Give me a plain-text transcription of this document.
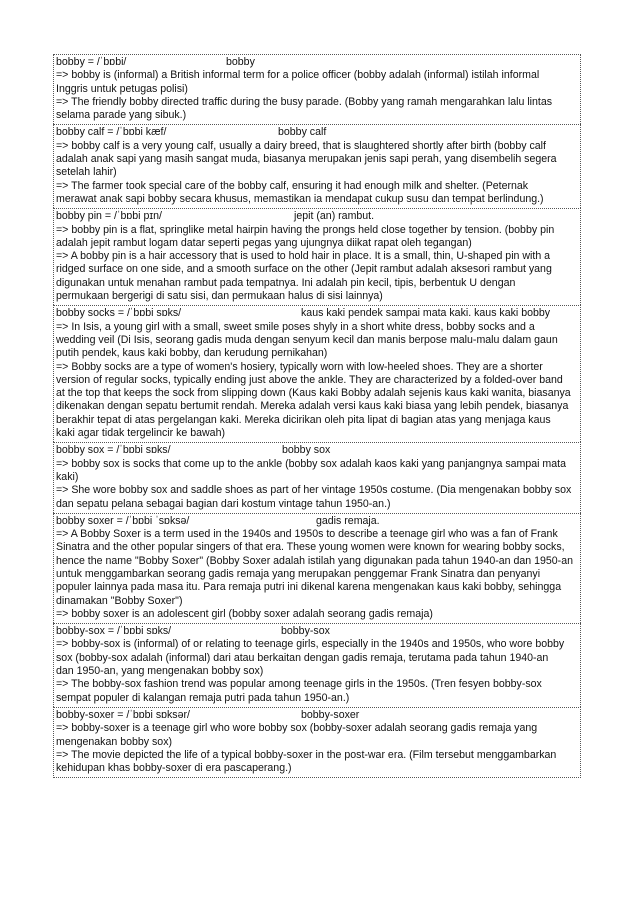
bobby = /ˈbɒbi/	bobby
=> bobby is (informal) a British informal term for a police officer (bobby adalah (informal) istilah informal
Inggris untuk petugas polisi)
=> The friendly bobby directed traffic during the busy parade. (Bobby yang ramah mengarahkan lalu lintas
selama parade yang sibuk.)
bobby calf = /ˈbɒbi kæf/	bobby calf
=> bobby calf is a very young calf, usually a dairy breed, that is slaughtered shortly after birth (bobby calf
adalah anak sapi yang masih sangat muda, biasanya merupakan jenis sapi perah, yang disembelih segera
setelah lahir)
=> The farmer took special care of the bobby calf, ensuring it had enough milk and shelter. (Peternak
merawat anak sapi bobby secara khusus, memastikan ia mendapat cukup susu dan tempat berlindung.)
bobby pin = /ˈbɒbi pɪn/	jepit (an) rambut.
=> bobby pin is a flat, springlike metal hairpin having the prongs held close together by tension. (bobby pin
adalah jepit rambut logam datar seperti pegas yang ujungnya diikat rapat oleh tegangan)
=> A bobby pin is a hair accessory that is used to hold hair in place. It is a small, thin, U-shaped pin with a
ridged surface on one side, and a smooth surface on the other (Jepit rambut adalah aksesori rambut yang
digunakan untuk menahan rambut pada tempatnya. Ini adalah pin kecil, tipis, berbentuk U dengan
permukaan bergerigi di satu sisi, dan permukaan halus di sisi lainnya)
bobby socks = /ˈbɒbi sɒks/	kaus kaki pendek sampai mata kaki. kaus kaki bobby
=> In Isis, a young girl with a small, sweet smile poses shyly in a short white dress, bobby socks and a
wedding veil (Di Isis, seorang gadis muda dengan senyum kecil dan manis berpose malu-malu dalam gaun
putih pendek, kaus kaki bobby, dan kerudung pernikahan)
=> Bobby socks are a type of women's hosiery, typically worn with low-heeled shoes. They are a shorter
version of regular socks, typically ending just above the ankle. They are characterized by a folded-over band
at the top that keeps the sock from slipping down (Kaus kaki Bobby adalah sejenis kaus kaki wanita, biasanya
dikenakan dengan sepatu bertumit rendah. Mereka adalah versi kaus kaki biasa yang lebih pendek, biasanya
berakhir tepat di atas pergelangan kaki. Mereka dicirikan oleh pita lipat di bagian atas yang menjaga kaus
kaki agar tidak tergelincir ke bawah)
bobby sox = /ˈbɒbi sɒks/	bobby sox
=> bobby sox is socks that come up to the ankle (bobby sox adalah kaos kaki yang panjangnya sampai mata
kaki)
=> She wore bobby sox and saddle shoes as part of her vintage 1950s costume. (Dia mengenakan bobby sox
dan sepatu pelana sebagai bagian dari kostum vintage tahun 1950-an.)
bobby soxer = /ˈbɒbi ˈsɒksə/	gadis remaja.
=> A Bobby Soxer is a term used in the 1940s and 1950s to describe a teenage girl who was a fan of Frank
Sinatra and the other popular singers of that era. These young women were known for wearing bobby socks,
hence the name "Bobby Soxer" (Bobby Soxer adalah istilah yang digunakan pada tahun 1940-an dan 1950-an
untuk menggambarkan seorang gadis remaja yang merupakan penggemar Frank Sinatra dan penyanyi
populer lainnya pada masa itu. Para remaja putri ini dikenal karena mengenakan kaus kaki bobby, sehingga
dinamakan "Bobby Soxer")
=> bobby soxer is an adolescent girl (bobby soxer adalah seorang gadis remaja)
bobby-sox = /ˈbɒbi sɒks/	bobby-sox
=> bobby-sox is (informal) of or relating to teenage girls, especially in the 1940s and 1950s, who wore bobby
sox (bobby-sox adalah (informal) dari atau berkaitan dengan gadis remaja, terutama pada tahun 1940-an
dan 1950-an, yang mengenakan bobby sox)
=> The bobby-sox fashion trend was popular among teenage girls in the 1950s. (Tren fesyen bobby-sox
sempat populer di kalangan remaja putri pada tahun 1950-an.)
bobby-soxer = /ˈbɒbi sɒksər/	bobby-soxer
=> bobby-soxer is a teenage girl who wore bobby sox (bobby-soxer adalah seorang gadis remaja yang
mengenakan bobby sox)
=> The movie depicted the life of a typical bobby-soxer in the post-war era. (Film tersebut menggambarkan
kehidupan khas bobby-soxer di era pascaperang.)
